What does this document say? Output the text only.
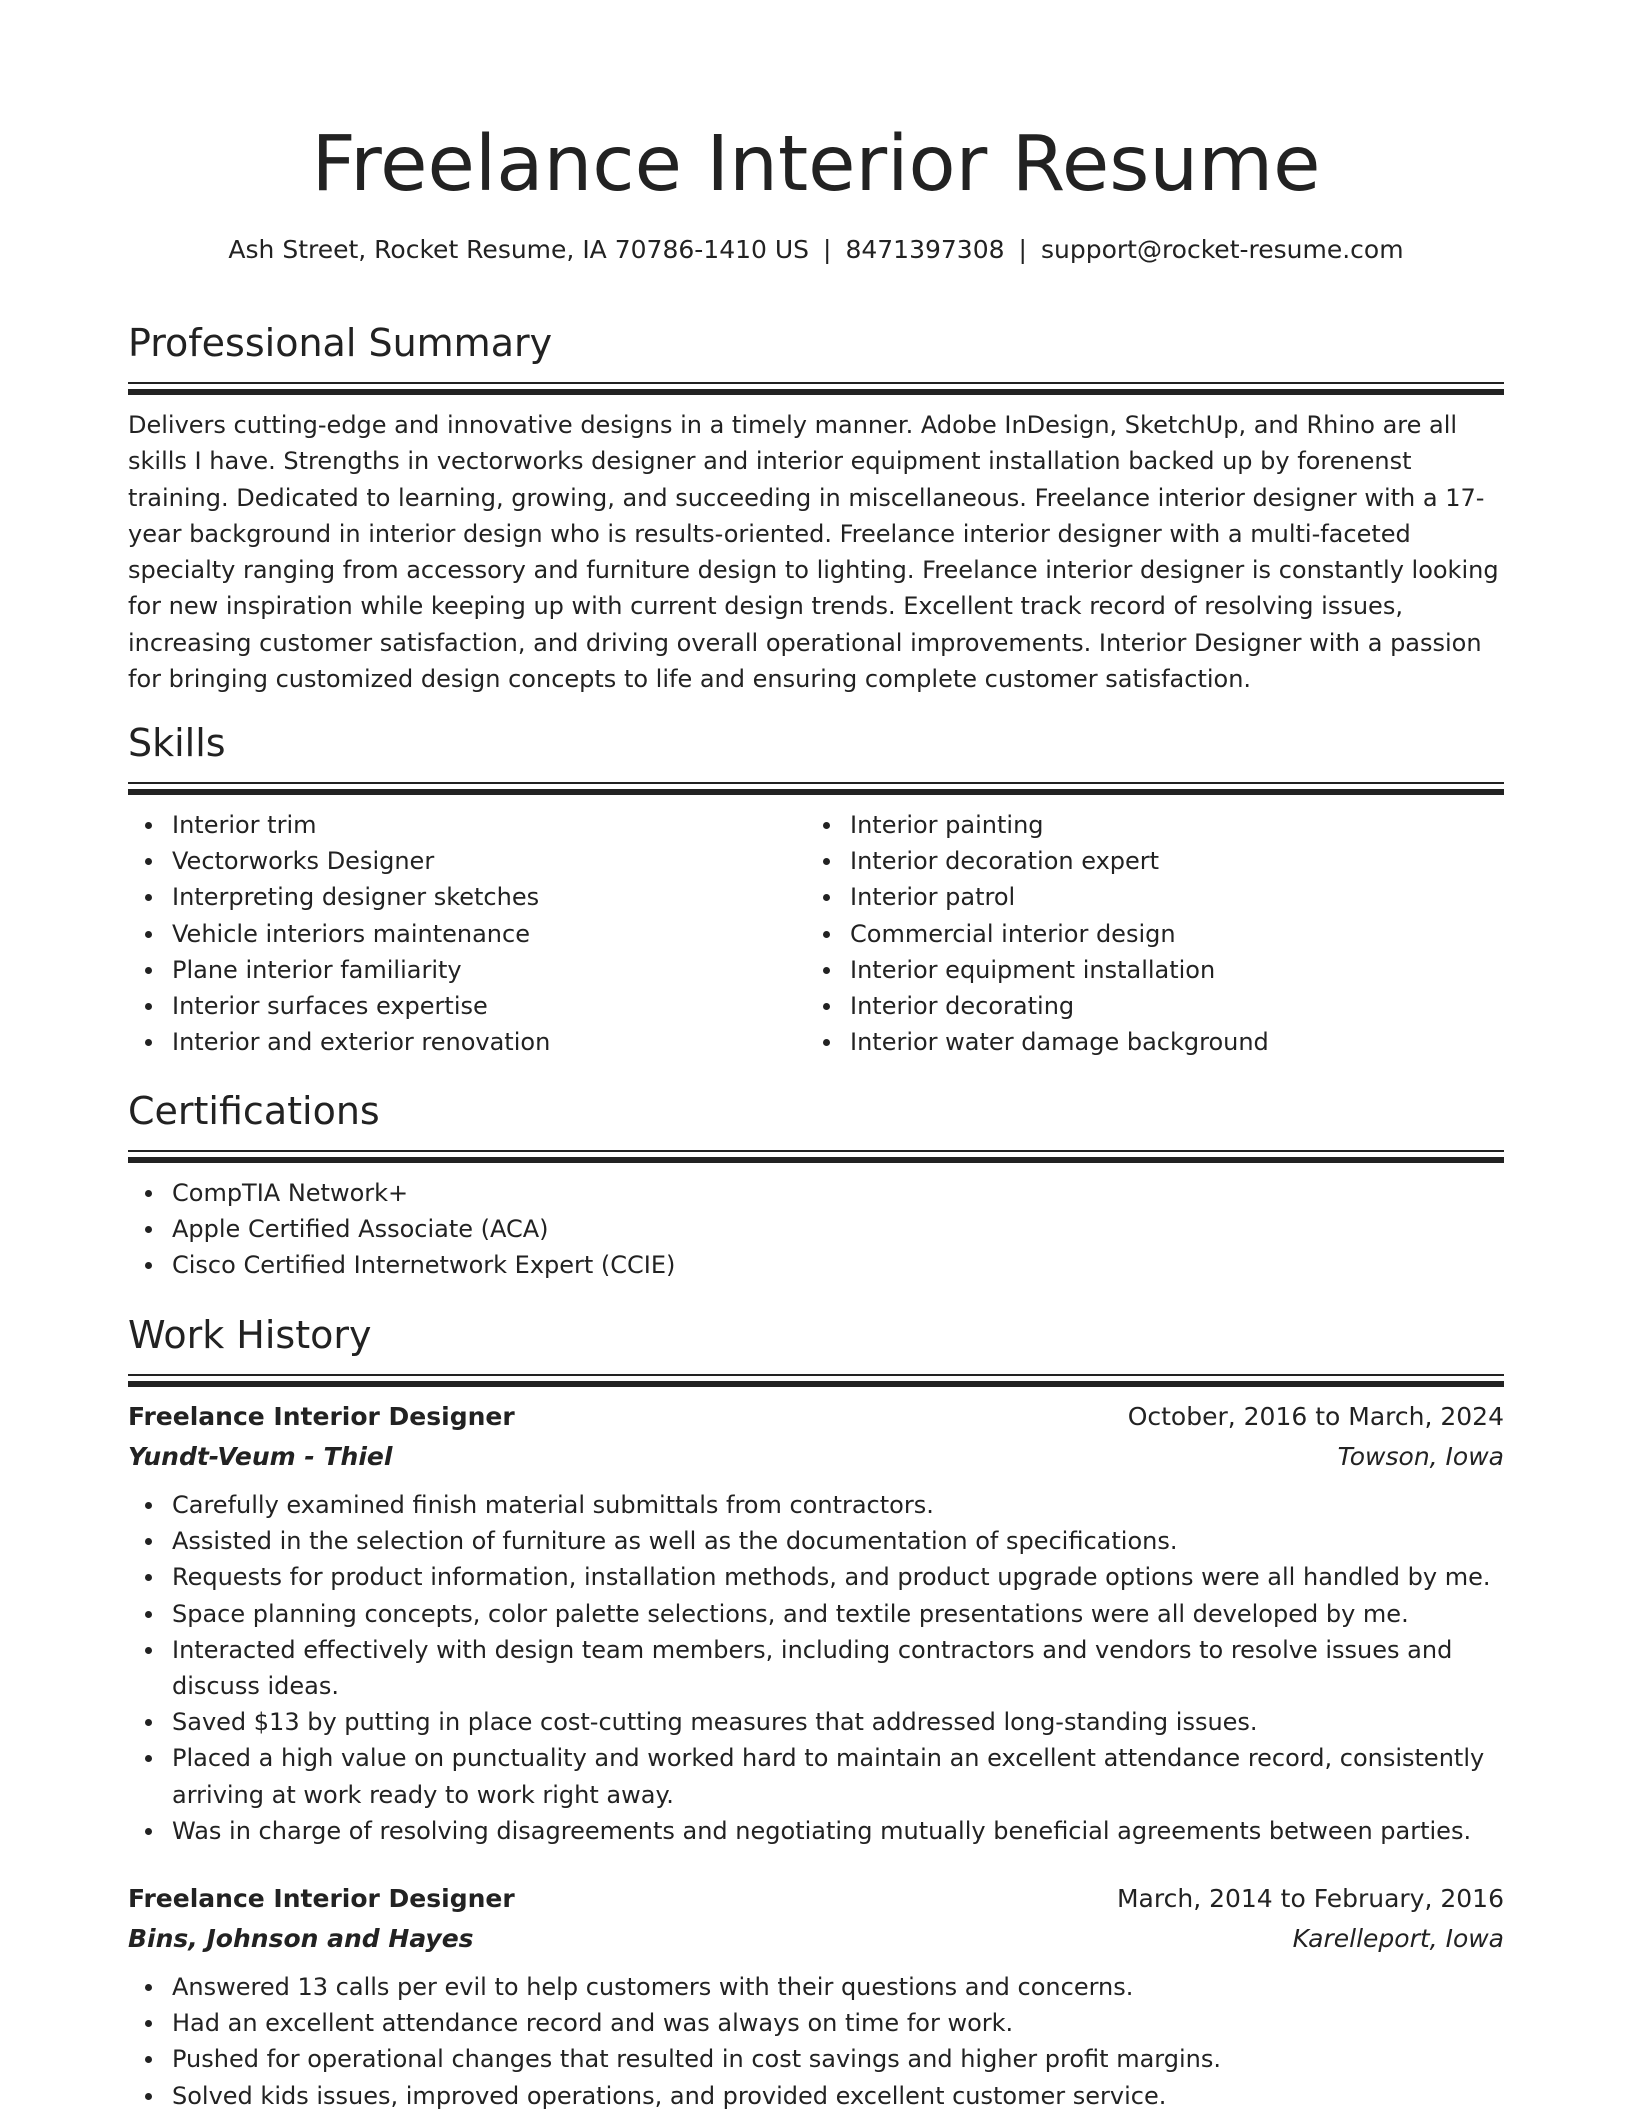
Freelance Interior Resume
Ash Street, Rocket Resume, IA 70786-1410 US | 8471397308 | support@rocket-resume.com
Professional Summary

Delivers cutting-edge and innovative designs in a timely manner. Adobe InDesign, SketchUp, and Rhino are all skills I have. Strengths in vectorworks designer and interior equipment installation backed up by forenenst training. Dedicated to learning, growing, and succeeding in miscellaneous. Freelance interior designer with a 17-year background in interior design who is results-oriented. Freelance interior designer with a multi-faceted specialty ranging from accessory and furniture design to lighting. Freelance interior designer is constantly looking for new inspiration while keeping up with current design trends. Excellent track record of resolving issues, increasing customer satisfaction, and driving overall operational improvements. Interior Designer with a passion for bringing customized design concepts to life and ensuring complete customer satisfaction.

Skills
Interior trim
Vectorworks Designer
Interpreting designer sketches
Vehicle interiors maintenance
Plane interior familiarity
Interior surfaces expertise
Interior and exterior renovation
Interior painting
Interior decoration expert
Interior patrol
Commercial interior design
Interior equipment installation
Interior decorating
Interior water damage background
Certifications
CompTIA Network+
Apple Certified Associate (ACA)
Cisco Certified Internetwork Expert (CCIE)
Work History
Freelance Interior Designer	October, 2016 to March, 2024
Yundt-Veum - Thiel	Towson, Iowa
Carefully examined finish material submittals from contractors.
Assisted in the selection of furniture as well as the documentation of specifications.
Requests for product information, installation methods, and product upgrade options were all handled by me.
Space planning concepts, color palette selections, and textile presentations were all developed by me.
Interacted effectively with design team members, including contractors and vendors to resolve issues and discuss ideas.
Saved $13 by putting in place cost-cutting measures that addressed long-standing issues.
Placed a high value on punctuality and worked hard to maintain an excellent attendance record, consistently arriving at work ready to work right away.
Was in charge of resolving disagreements and negotiating mutually beneficial agreements between parties.
Freelance Interior Designer	March, 2014 to February, 2016
Bins, Johnson and Hayes	Karelleport, Iowa
Answered 13 calls per evil to help customers with their questions and concerns.
Had an excellent attendance record and was always on time for work.
Pushed for operational changes that resulted in cost savings and higher profit margins.
Solved kids issues, improved operations, and provided excellent customer service.
